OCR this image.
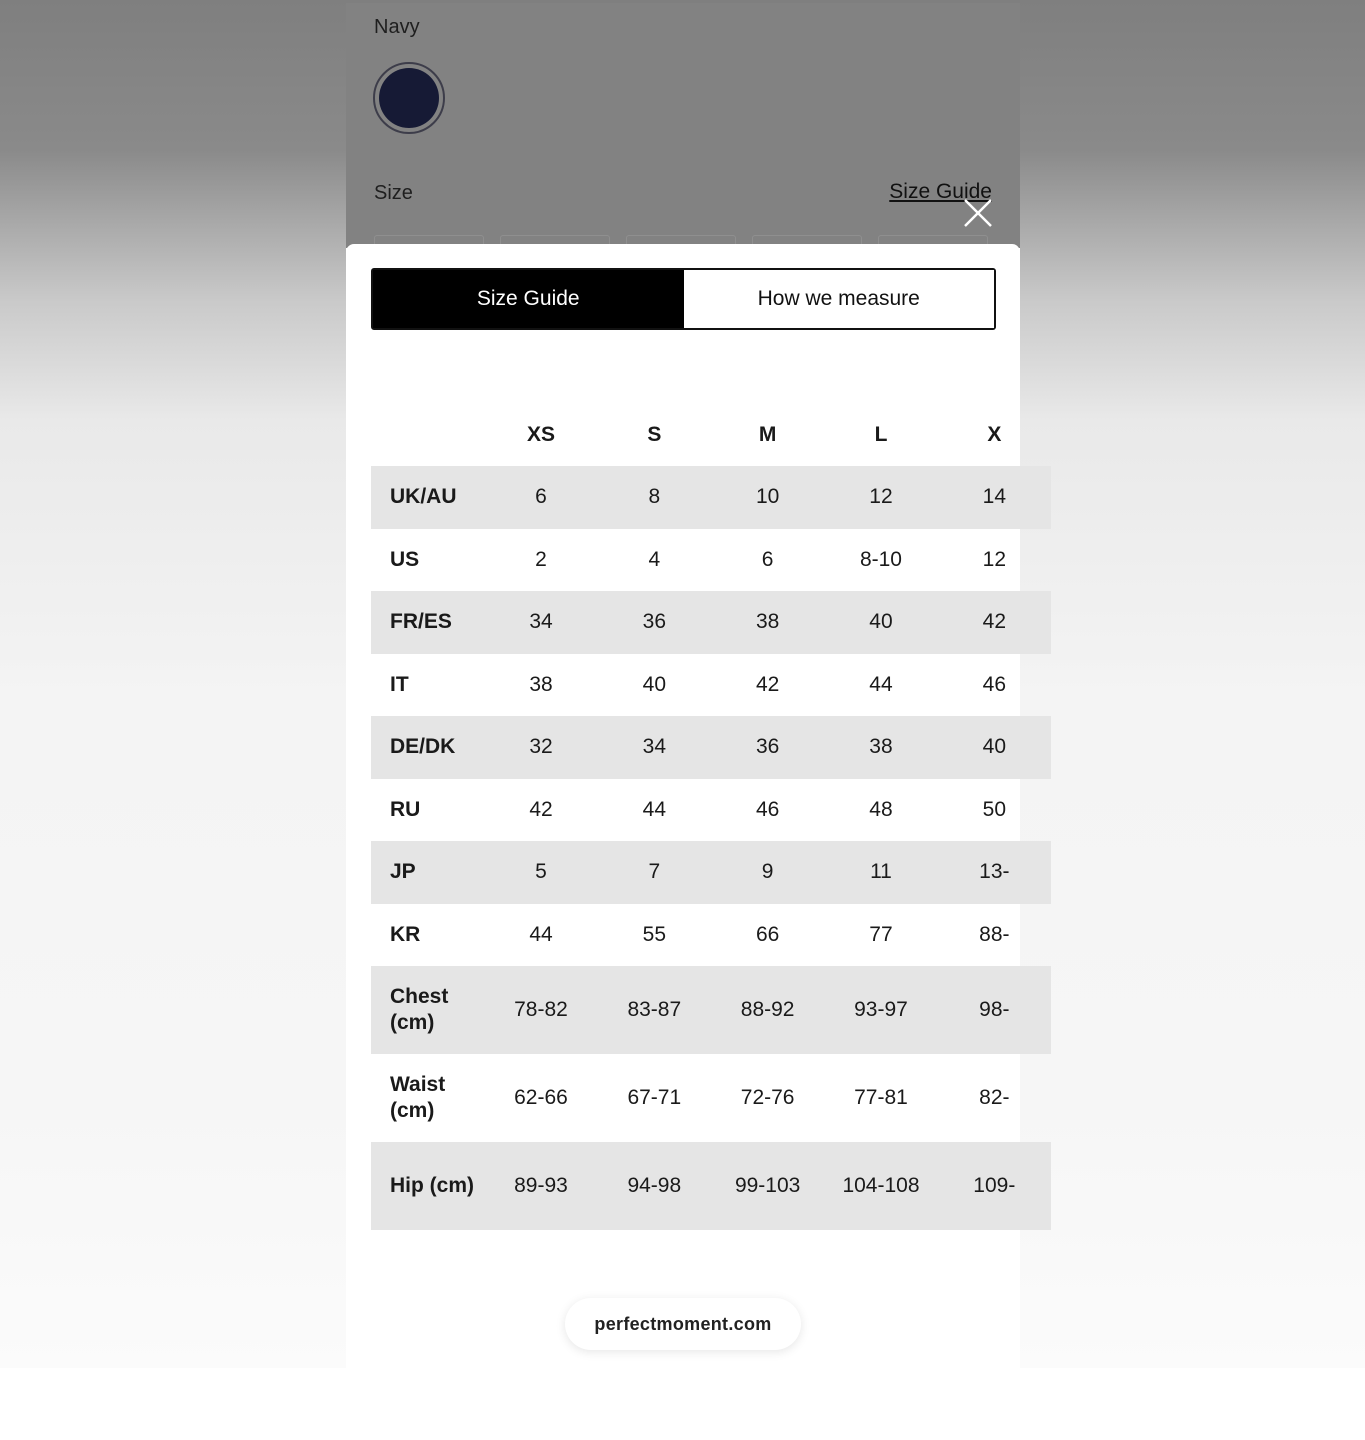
Navy
Size	Size Guide
Size Guide	How we measure
	XS	S	M	L	X
UK/AU	6	8	10	12	14
US	2	4	6	8-10	12
FR/ES	34	36	38	40	42
IT	38	40	42	44	46
DE/DK	32	34	36	38	40
RU	42	44	46	48	50
JP	5	7	9	11	13-
KR	44	55	66	77	88-
Chest (cm)	78-82	83-87	88-92	93-97	98-
Waist (cm)	62-66	67-71	72-76	77-81	82-
Hip (cm)	89-93	94-98	99-103	104-108	109-
perfectmoment.com
